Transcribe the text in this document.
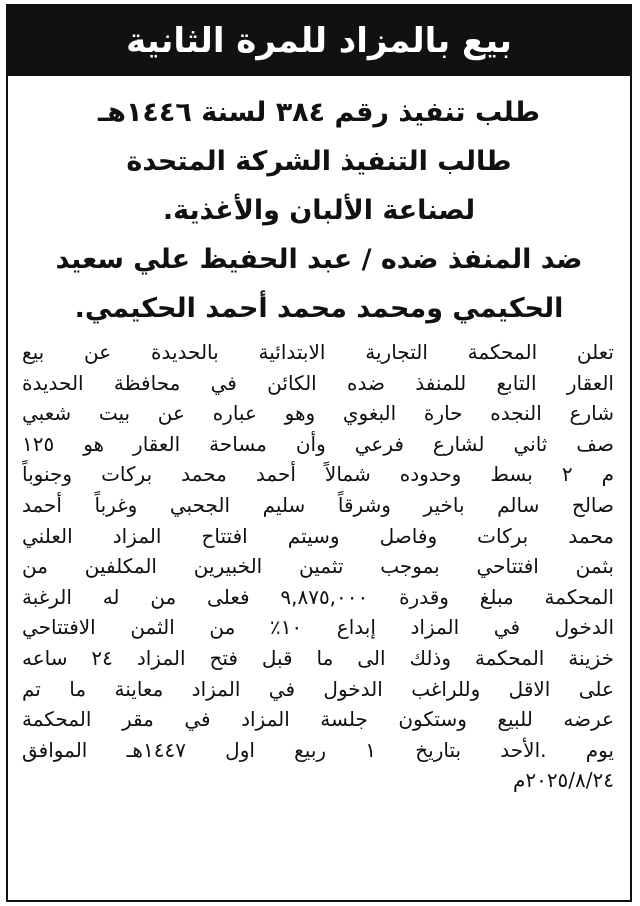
بيع بالمزاد للمرة الثانية
طلب تنفيذ رقم ٣٨٤ لسنة ١٤٤٦هـ
طالب التنفيذ الشركة المتحدة
لصناعة الألبان والأغذية.
ضد المنفذ ضده / عبد الحفيظ علي سعيد
الحكيمي ومحمد محمد أحمد الحكيمي.
تعلن المحكمة التجارية الابتدائية بالحديدة عن بيع
العقار التابع للمنفذ ضده الكائن في محافظة الحديدة
شارع النجده حارة البغوي وهو عباره عن بيت شعبي
صف ثاني لشارع فرعي وأن مساحة العقار هو ١٢٥
م ٢ بسط وحدوده شمالاً أحمد محمد بركات وجنوباً
صالح سالم باخير وشرقاً سليم الجحبي وغرباً أحمد
محمد بركات وفاصل وسيتم افتتاح المزاد العلني
بثمن افتتاحي بموجب تثمين الخبيرين المكلفين من
المحكمة مبلغ وقدرة ٩,٨٧٥,٠٠٠ فعلى من له الرغبة
الدخول في المزاد إبداع ١٠٪ من الثمن الافتتاحي
خزينة المحكمة وذلك الى ما قبل فتح المزاد ٢٤ ساعه
على الاقل وللراغب الدخول في المزاد معاينة ما تم
عرضه للبيع وستكون جلسة المزاد في مقر المحكمة
يوم .الأحد بتاريخ ١ ربيع اول ١٤٤٧هـ الموافق
٢٠٢٥/٨/٢٤م
